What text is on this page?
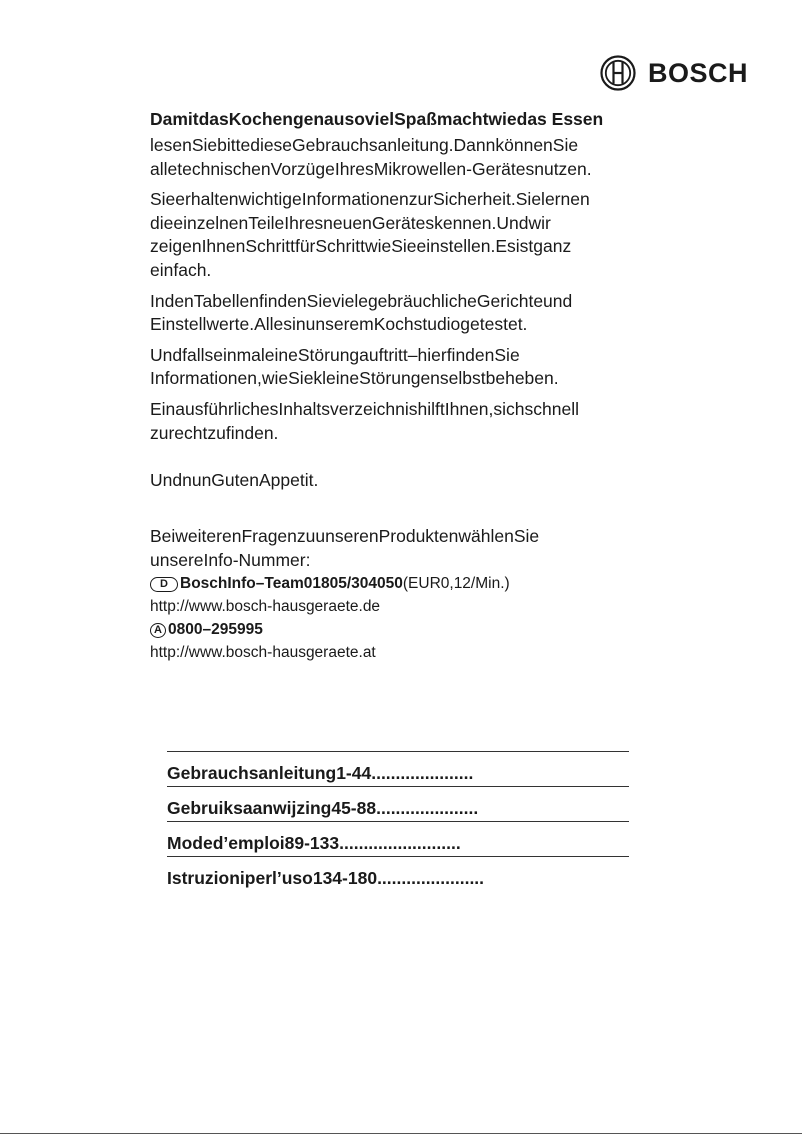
BOSCH
DamitdasKochengenausovielSpaßmachtwiedas Essen
lesenSiebittedieseGebrauchsanleitung.DannkönnenSie alletechnischenVorzügeIhresMikrowellen-Gerätesnutzen.
SieerhaltenwichtigeInformationenzurSicherheit.Sielernen dieeinzelnenTeileIhresneuenGeräteskennen.Undwir zeigenIhnenSchrittfürSchrittwieSieeinstellen.Esistganz einfach.
IndenTabellenfindenSievielegebräuchlicheGerichteund Einstellwerte.AllesinunseremKochstudiogetestet.
UndfallseinmaleineStörungauftritt–hierfindenSie Informationen,wieSiekleineStörungenselbstbeheben.
EinausführlichesInhaltsverzeichnishilftIhnen,sichschnell zurechtzufinden.
UndnunGutenAppetit.
BeiweiterenFragenzuunserenProduktenwählenSie unsereInfo-Nummer:
D BoschInfo–Team01805/304050(EUR0,12/Min.)
http://www.bosch-hausgeraete.de
A 0800–295995
http://www.bosch-hausgeraete.at
Gebrauchsanleitung1-44.....................
Gebruiksaanwijzing45-88.....................
Moded’emploi89-133.........................
Istruzioniperl’uso134-180......................
